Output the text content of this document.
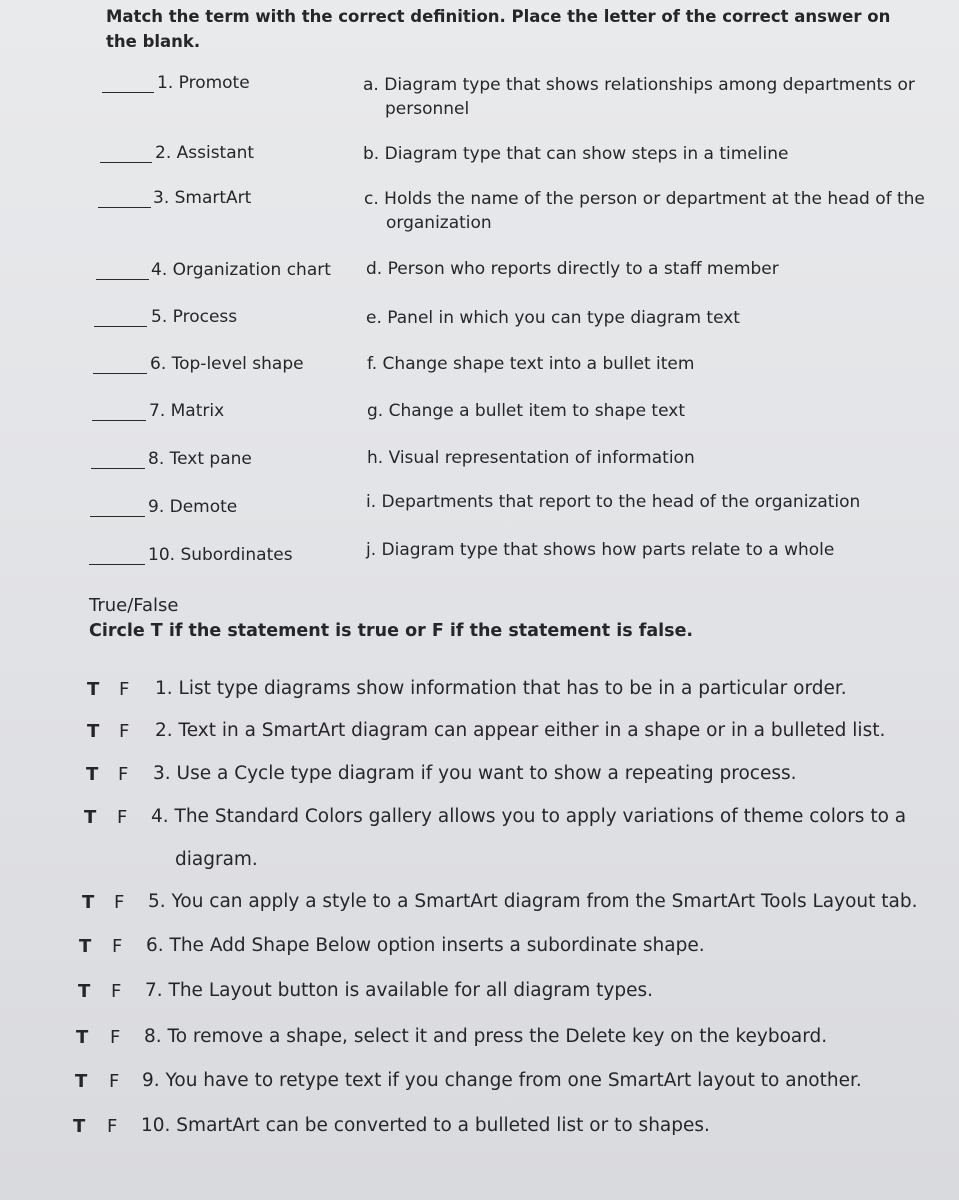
Match the term with the correct definition. Place the letter of the correct answer on the blank.
1. Promote	a. Diagram type that shows relationships among departments or
personnel
2. Assistant	b. Diagram type that can show steps in a timeline
3. SmartArt	c. Holds the name of the person or department at the head of the
organization
4. Organization chart d. Person who reports directly to a staff member
5. Process	e. Panel in which you can type diagram text
6. Top-level shape	f. Change shape text into a bullet item
7. Matrix	g. Change a bullet item to shape text
8. Text pane	h. Visual representation of information
9. Demote	i. Departments that report to the head of the organization
10. Subordinates	j. Diagram type that shows how parts relate to a whole
True/False
Circle T if the statement is true or F if the statement is false.
T F 1. List type diagrams show information that has to be in a particular order.
T F 2. Text in a SmartArt diagram can appear either in a shape or in a bulleted list.
T F 3. Use a Cycle type diagram if you want to show a repeating process.
T F 4. The Standard Colors gallery allows you to apply variations of theme colors to a
diagram.
T F 5. You can apply a style to a SmartArt diagram from the SmartArt Tools Layout tab.
T F 6. The Add Shape Below option inserts a subordinate shape.
T F 7. The Layout button is available for all diagram types.
T F 8. To remove a shape, select it and press the Delete key on the keyboard.
T F 9. You have to retype text if you change from one SmartArt layout to another.
T F 10. SmartArt can be converted to a bulleted list or to shapes.
